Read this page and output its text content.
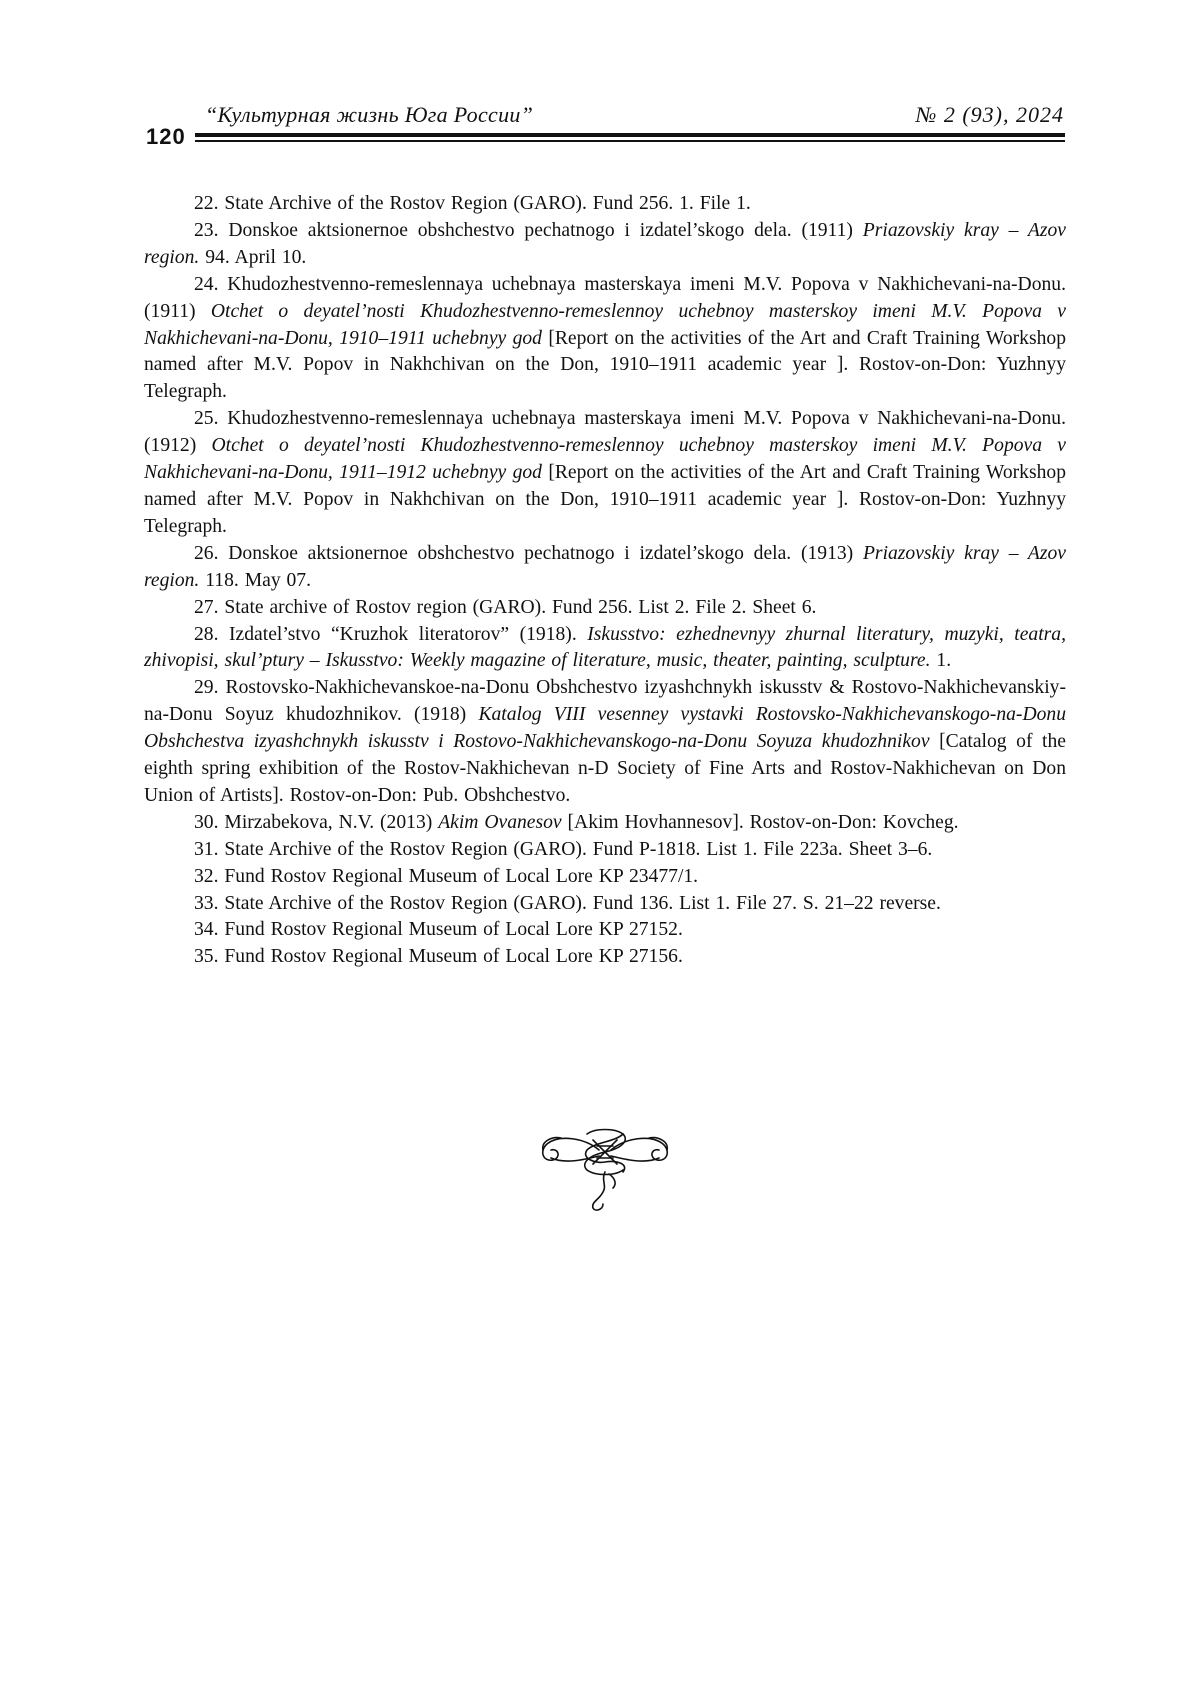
“Культурная жизнь Юга России”	№ 2 (93), 2024
120

22. State Archive of the Rostov Region (GARO). Fund 256. 1. File 1.

23. Donskoe aktsionernoe obshchestvo pechatnogo i izdatel’skogo dela. (1911) Priazovskiy kray – Azov region. 94. April 10.

24. Khudozhestvenno-remeslennaya uchebnaya masterskaya imeni M.V. Popova v Nakhichevani-na-Donu. (1911) Otchet o deyatel’nosti Khudozhestvenno-remeslennoy uchebnoy masterskoy imeni M.V. Popova v Nakhichevani-na-Donu, 1910–1911 uchebnyy god [Report on the activities of the Art and Craft Training Workshop named after M.V. Popov in Nakhchivan on the Don, 1910–1911 academic year ]. Rostov-on-Don: Yuzhnyy Telegraph.

25. Khudozhestvenno-remeslennaya uchebnaya masterskaya imeni M.V. Popova v Nakhichevani-na-Donu. (1912) Otchet o deyatel’nosti Khudozhestvenno-remeslennoy uchebnoy masterskoy imeni M.V. Popova v Nakhichevani-na-Donu, 1911–1912 uchebnyy god [Report on the activities of the Art and Craft Training Workshop named after M.V. Popov in Nakhchivan on the Don, 1910–1911 academic year ]. Rostov-on-Don: Yuzhnyy Telegraph.

26. Donskoe aktsionernoe obshchestvo pechatnogo i izdatel’skogo dela. (1913) Priazovskiy kray – Azov region. 118. May 07.

27. State archive of Rostov region (GARO). Fund 256. List 2. File 2. Sheet 6.

28. Izdatel’stvo “Kruzhok literatorov” (1918). Iskusstvo: ezhednevnyy zhurnal literatury, muzyki, teatra, zhivopisi, skul’ptury – Iskusstvo: Weekly magazine of literature, music, theater, painting, sculpture. 1.

29. Rostovsko-Nakhichevanskoe-na-Donu Obshchestvo izyashchnykh iskusstv & Rostovo-Nakhichevanskiy-na-Donu Soyuz khudozhnikov. (1918) Katalog VIII vesenney vystavki Rostovsko-Nakhichevanskogo-na-Donu Obshchestva izyashchnykh iskusstv i Rostovo-Nakhichevanskogo-na-Donu Soyuza khudozhnikov [Catalog of the eighth spring exhibition of the Rostov-Nakhichevan n-D Society of Fine Arts and Rostov-Nakhichevan on Don Union of Artists]. Rostov-on-Don: Pub. Obshchestvo.

30. Mirzabekova, N.V. (2013) Akim Ovanesov [Akim Hovhannesov]. Rostov-on-Don: Kovcheg.

31. State Archive of the Rostov Region (GARO). Fund P-1818. List 1. File 223a. Sheet 3–6.

32. Fund Rostov Regional Museum of Local Lore KP 23477/1.

33. State Archive of the Rostov Region (GARO). Fund 136. List 1. File 27. S. 21–22 reverse.

34. Fund Rostov Regional Museum of Local Lore KP 27152.

35. Fund Rostov Regional Museum of Local Lore KP 27156.
